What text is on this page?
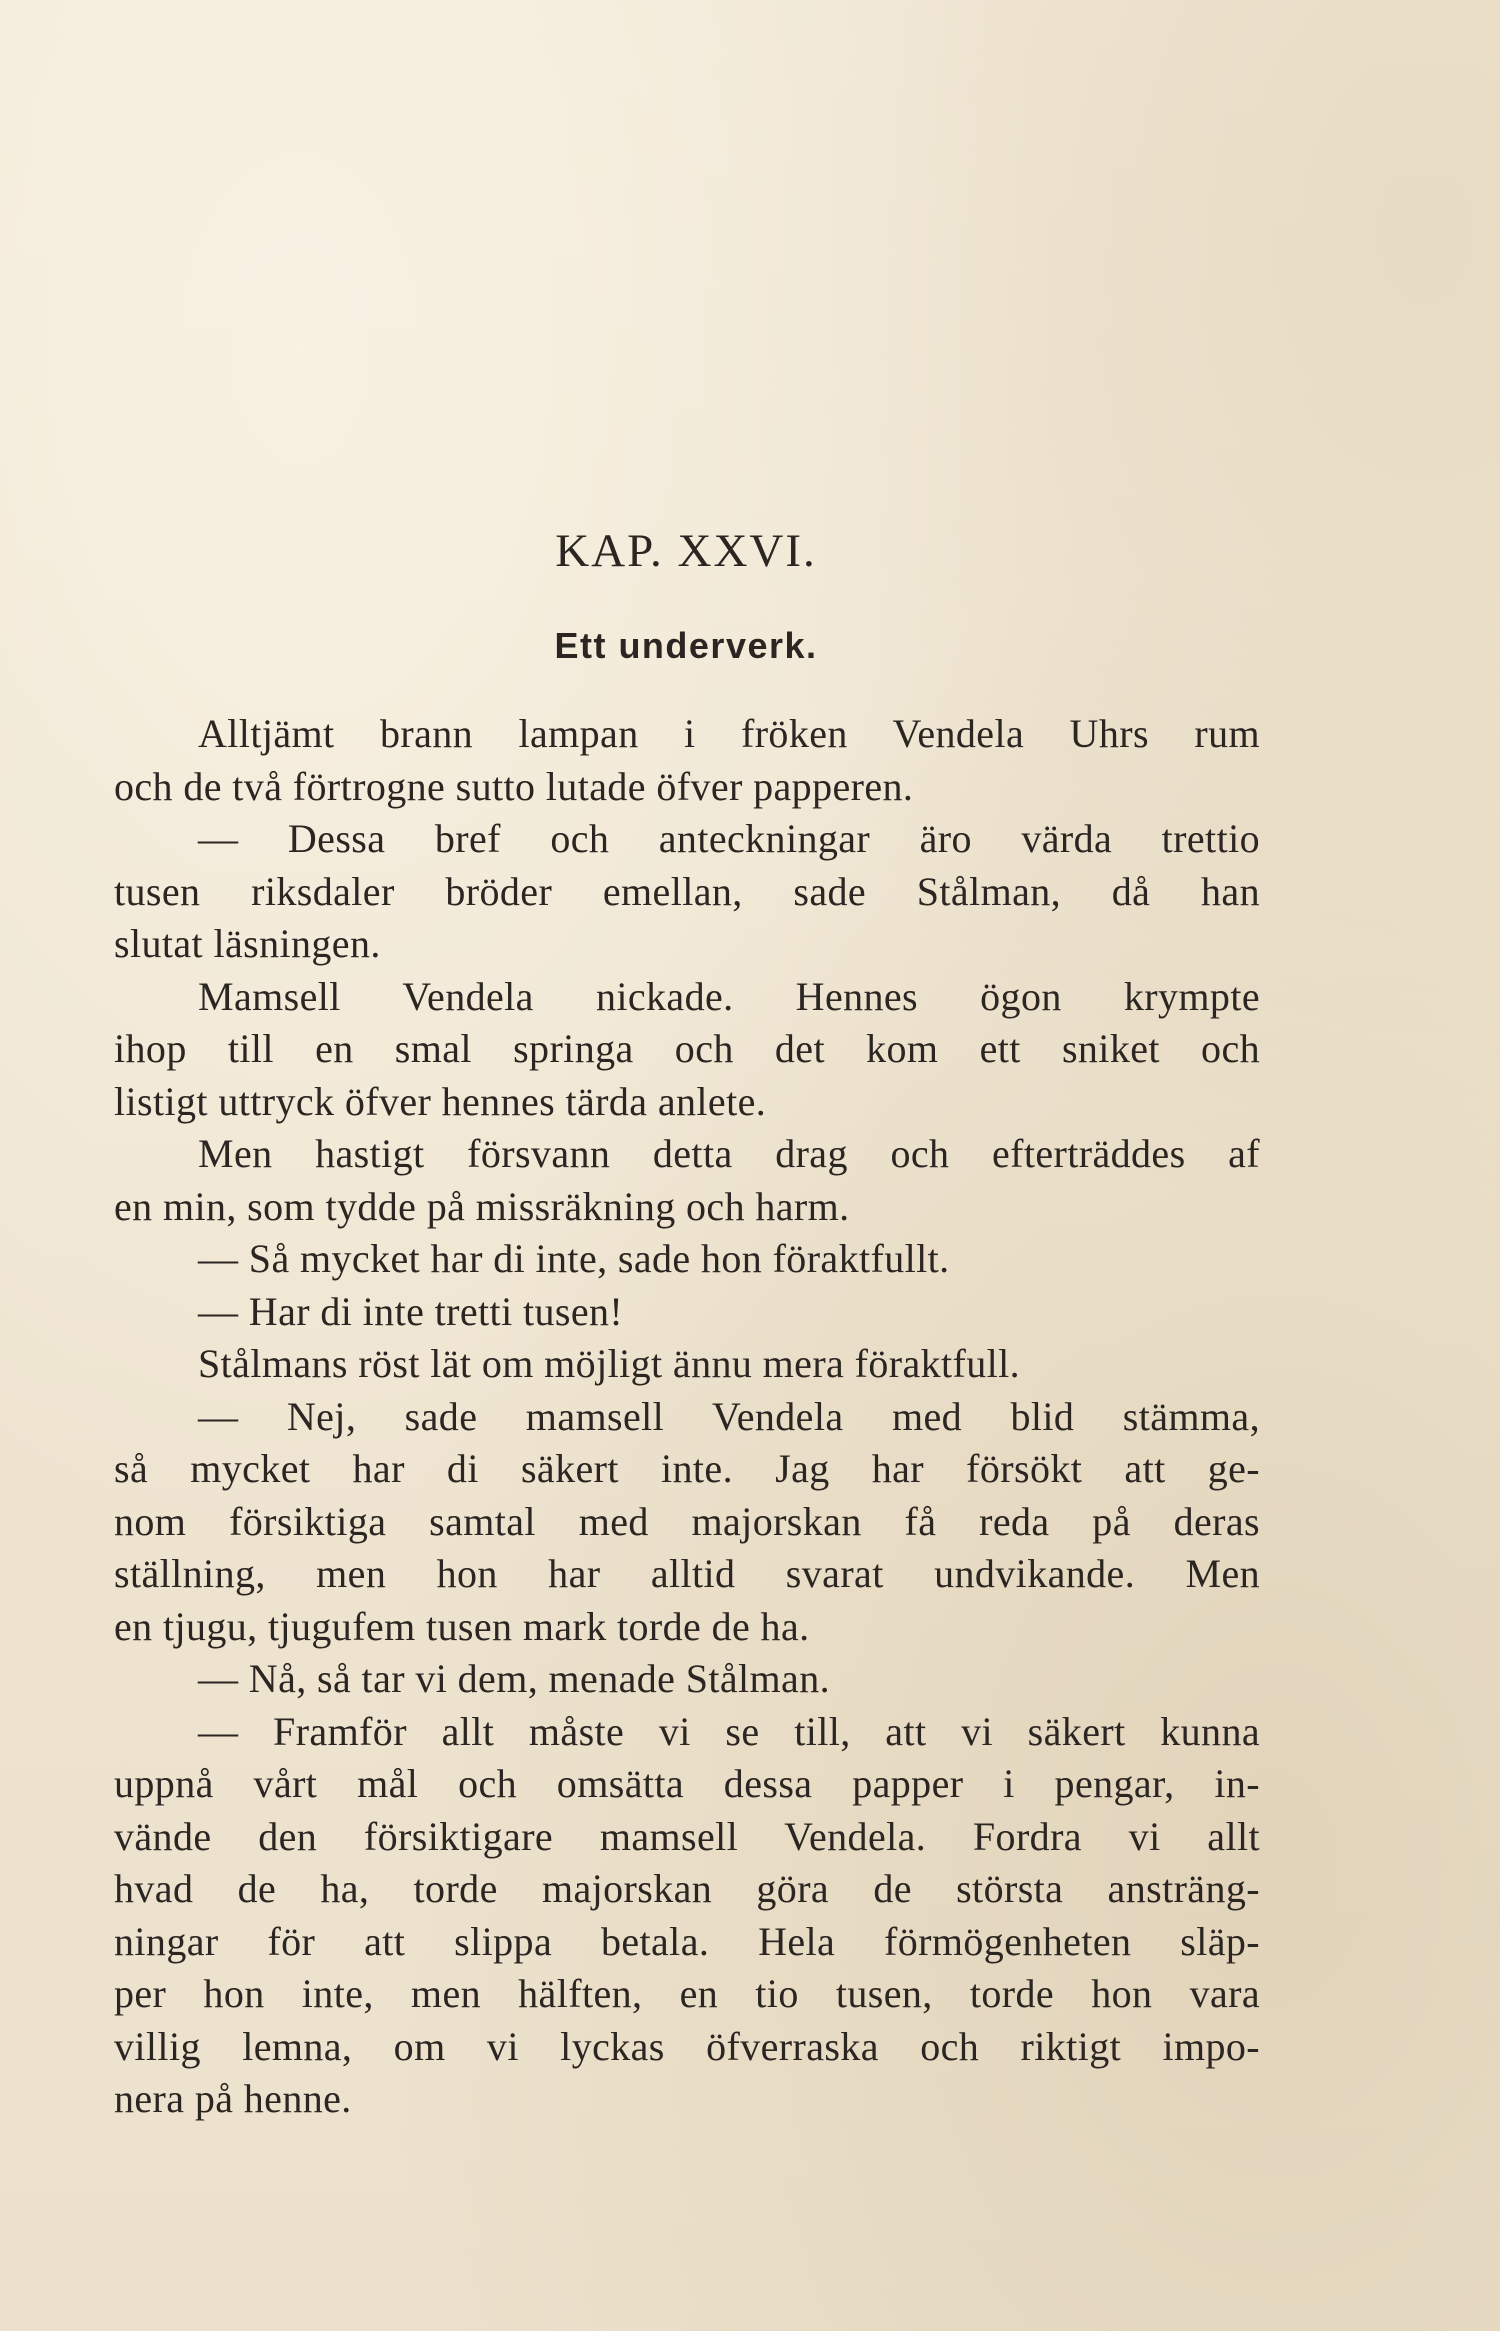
KAP. XXVI.
Ett underverk.
Alltjämt brann lampan i fröken Vendela Uhrs rum
och de två förtrogne sutto lutade öfver papperen.
— Dessa bref och anteckningar äro värda trettio
tusen riksdaler bröder emellan, sade Stålman, då han
slutat läsningen.
Mamsell Vendela nickade. Hennes ögon krympte
ihop till en smal springa och det kom ett sniket och
listigt uttryck öfver hennes tärda anlete.
Men hastigt försvann detta drag och efterträddes af
en min, som tydde på missräkning och harm.
— Så mycket har di inte, sade hon föraktfullt.
— Har di inte tretti tusen!
Stålmans röst lät om möjligt ännu mera föraktfull.
— Nej, sade mamsell Vendela med blid stämma,
så mycket har di säkert inte. Jag har försökt att ge-
nom försiktiga samtal med majorskan få reda på deras
ställning, men hon har alltid svarat undvikande. Men
en tjugu, tjugufem tusen mark torde de ha.
— Nå, så tar vi dem, menade Stålman.
— Framför allt måste vi se till, att vi säkert kunna
uppnå vårt mål och omsätta dessa papper i pengar, in-
vände den försiktigare mamsell Vendela. Fordra vi allt
hvad de ha, torde majorskan göra de största ansträng-
ningar för att slippa betala. Hela förmögenheten släp-
per hon inte, men hälften, en tio tusen, torde hon vara
villig lemna, om vi lyckas öfverraska och riktigt impo-
nera på henne.
